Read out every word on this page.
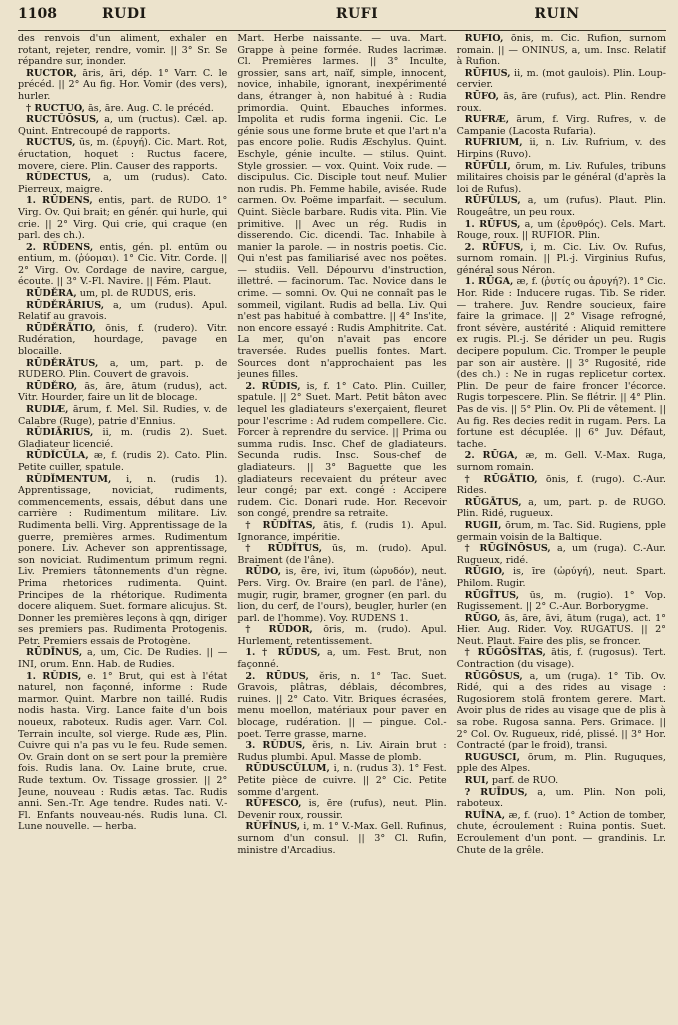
1108	RUDI	RUFI	RUIN

des renvois d'un aliment, exhaler en rotant, rejeter, rendre, vomir. || 3° Sr. Se répandre sur, inonder.

RUCTOR, āris, āri, dép. 1° Varr. C. le précéd. || 2° Au fig. Hor. Vomir (des vers), hurler.

† RUCTUO, ās, āre. Aug. C. le précéd.

RUCTŬŌSUS, a, um (ructus). Cæl. ap. Quint. Entrecoupé de rapports.

RUCTUS, ūs, m. (ἐρυγή). Cic. Mart. Rot, éructation, hoquet : Ructus facere, movere, ciere. Plin. Causer des rapports.

RŬDECTUS, a, um (rudus). Cato. Pierreux, maigre.

1. RŪDENS, entis, part. de RUDO. 1° Virg. Ov. Qui brait; en génér. qui hurle, qui crie. || 2° Virg. Qui crie, qui craque (en parl. des ch.).

2. RŬDENS, entis, gén. pl. entūm ou entium, m. (ῥύομαι). 1° Cic. Vitr. Corde. || 2° Virg. Ov. Cordage de navire, cargue, écoute. || 3° V.-Fl. Navire. || Fém. Plaut.

RŪDĔRA, um, pl. de RUDUS, eris.

RŪDĔRĀRIUS, a, um (rudus). Apul. Relatif au gravois.

RŪDĔRĀTIO, ōnis, f. (rudero). Vitr. Rudération, hourdage, pavage en blocaille.

RŪDĔRĀTUS, a, um, part. p. de RUDERO. Plin. Couvert de gravois.

RŪDĔRO, ās, āre, ātum (rudus), act. Vitr. Hourder, faire un lit de blocage.

RUDIÆ, ārum, f. Mel. Sil. Rudies, v. de Calabre (Ruge), patrie d'Ennius.

RŬDIĀRIUS, ii, m. (rudis 2). Suet. Gladiateur licencié.

RŪDĬCŬLA, æ, f. (rudis 2). Cato. Plin. Petite cuiller, spatule.

RŬDĬMENTUM, i, n. (rudis 1). Apprentissage, noviciat, rudiments, commencements, essais, début dans une carrière : Rudimentum militare. Liv. Rudimenta belli. Virg. Apprentissage de la guerre, premières armes. Rudimentum ponere. Liv. Achever son apprentissage, son noviciat. Rudimentum primum regni. Liv. Premiers tâtonnements d'un règne. Prima rhetorices rudimenta. Quint. Principes de la rhétorique. Rudimenta docere aliquem. Suet. formare alicujus. St. Donner les premières leçons à qqn, diriger ses premiers pas. Rudimenta Protogenis. Petr. Premiers essais de Protogène.

RŪDĪNUS, a, um, Cic. De Rudies. || — INI, orum. Enn. Hab. de Rudies.

1. RŬDIS, e. 1° Brut, qui est à l'état naturel, non façonné, informe : Rude marmor. Quint. Marbre non taillé. Rudis nodis hasta. Virg. Lance faite d'un bois noueux, raboteux. Rudis ager. Varr. Col. Terrain inculte, sol vierge. Rude æs, Plin. Cuivre qui n'a pas vu le feu. Rude semen. Ov. Grain dont on se sert pour la première fois. Rudis lana. Ov. Laine brute, crue. Rude textum. Ov. Tissage grossier. || 2° Jeune, nouveau : Rudis ætas. Tac. Rudis anni. Sen.-Tr. Age tendre. Rudes nati. V.-Fl. Enfants nouveau-nés. Rudis luna. Cl. Lune nouvelle. — herba.

Mart. Herbe naissante. — uva. Mart. Grappe à peine formée. Rudes lacrimæ. Cl. Premières larmes. || 3° Inculte, grossier, sans art, naïf, simple, innocent, novice, inhabile, ignorant, inexpérimenté dans, étranger à, non habitué à : Rudia primordia. Quint. Ebauches informes. Impolita et rudis forma ingenii. Cic. Le génie sous une forme brute et que l'art n'a pas encore polie. Rudis Æschylus. Quint. Eschyle, génie inculte. — stilus. Quint. Style grossier. — vox. Quint. Voix rude. — discipulus. Cic. Disciple tout neuf. Mulier non rudis. Ph. Femme habile, avisée. Rude carmen. Ov. Poëme imparfait. — seculum. Quint. Siècle barbare. Rudis vita. Plin. Vie primitive. || Avec un rég. Rudis in disserendo. Cic. dicendi. Tac. Inhabile à manier la parole. — in nostris poetis. Cic. Qui n'est pas familiarisé avec nos poëtes. — studiis. Vell. Dépourvu d'instruction, illettré. — facinorum. Tac. Novice dans le crime. — somni. Ov. Qui ne connaît pas le sommeil, vigilant. Rudis ad bella. Liv. Qui n'est pas habitué à combattre. || 4° Ins'ite, non encore essayé : Rudis Amphitrite. Cat. La mer, qu'on n'avait pas encore traversée. Rudes puellis fontes. Mart. Sources dont n'approchaient pas les jeunes filles.

2. RŬDIS, is, f. 1° Cato. Plin. Cuiller, spatule. || 2° Suet. Mart. Petit bâton avec lequel les gladiateurs s'exerçaient, fleuret pour l'escrime : Ad rudem compellere. Cic. Forcer à reprendre du service. || Prima ou summa rudis. Insc. Chef de gladiateurs. Secunda rudis. Insc. Sous-chef de gladiateurs. || 3° Baguette que les gladiateurs recevaient du préteur avec leur congé; par ext. congé : Accipere rudem. Cic. Donari rude. Hor. Recevoir son congé, prendre sa retraite.

† RŪDĬTAS, ātis, f. (rudis 1). Apul. Ignorance, impéritie.

† RŪDĬTUS, ūs, m. (rudo). Apul. Braiment (de l'âne).

RŪDO, is, ēre, ivi, ītum (ὠρυδόν), neut. Pers. Virg. Ov. Braire (en parl. de l'âne), mugir, rugir, bramer, grogner (en parl. du lion, du cerf, de l'ours), beugler, hurler (en parl. de l'homme). Voy. RUDENS 1.

† RŪDOR, ōris, m. (rudo). Apul. Hurlement, retentissement.

1. † RŪDUS, a, um. Fest. Brut, non façonné.

2. RŪDUS, ĕris, n. 1° Tac. Suet. Gravois, plâtras, déblais, décombres, ruines. || 2° Cato. Vitr. Briques écrasées, menu moellon, matériaux pour paver en blocage, rudération. || — pingue. Col.-poet. Terre grasse, marne.

3. RŬDUS, ĕris, n. Liv. Airain brut : Rudus plumbi. Apul. Masse de plomb.

RŪDUSCŬLUM, i, n. (rudus 3). 1° Fest. Petite pièce de cuivre. || 2° Cic. Petite somme d'argent.

RŬFESCO, is, ēre (rufus), neut. Plin. Devenir roux, roussir.

RŬFĪNUS, i, m. 1° V.-Max. Gell. Rufinus, surnom d'un consul. || 3° Cl. Rufin, ministre d'Arcadius.

RŪFIO, ōnis, m. Cic. Rufion, surnom romain. || — ONINUS, a, um. Insc. Relatif à Rufion.

RŪFIUS, ii, m. (mot gaulois). Plin. Loup-cervier.

RŪFO, ās, āre (rufus), act. Plin. Rendre roux.

RUFRÆ, ārum, f. Virg. Rufres, v. de Campanie (Lacosta Rufaria).

RUFRIUM, ii, n. Liv. Rufrium, v. des Hirpins (Ruvo).

RŪFŪLI, ōrum, m. Liv. Rufules, tribuns militaires choisis par le général (d'après la loi de Rufus).

RŪFŬLUS, a, um (rufus). Plaut. Plin. Rougeâtre, un peu roux.

1. RŪFUS, a, um (ἐρυθρός). Cels. Mart. Rouge, roux. || RUFIOR. Plin.

2. RŪFUS, i, m. Cic. Liv. Ov. Rufus, surnom romain. || Pl.-j. Virginius Rufus, général sous Néron.

1. RŪGA, æ, f. (ῥυτίς ou ἀρυγή?). 1° Cic. Hor. Ride : Inducere rugas. Tib. Se rider. — trahere. Juv. Rendre soucieux, faire faire la grimace. || 2° Visage refrogné, front sévère, austérité : Aliquid remittere ex rugis. Pl.-j. Se dérider un peu. Rugis decipere populum. Cic. Tromper le peuple par son air austère. || 3° Rugosité, ride (des ch.) : Ne in rugas replicetur cortex. Plin. De peur de faire froncer l'écorce. Rugis torpescere. Plin. Se flétrir. || 4° Plin. Pas de vis. || 5° Plin. Ov. Pli de vêtement. || Au fig. Res decies redit in rugam. Pers. La fortune est décuplée. || 6° Juv. Défaut, tache.

2. RŪGA, æ, m. Gell. V.-Max. Ruga, surnom romain.

† RŪGĀTIO, ōnis, f. (rugo). C.-Aur. Rides.

RŪGĀTUS, a, um, part. p. de RUGO. Plin. Ridé, rugueux.

RUGII, ōrum, m. Tac. Sid. Rugiens, pple germain voisin de la Baltique.

† RŪGĬNŌSUS, a, um (ruga). C.-Aur. Rugueux, ridé.

RŪGIO, is, īre (ὠρύγή), neut. Spart. Philom. Rugir.

RŪGĪTUS, ūs, m. (rugio). 1° Vop. Rugissement. || 2° C.-Aur. Borborygme.

RŪGO, ās, āre, āvi, ātum (ruga), act. 1° Hier. Aug. Rider. Voy. RUGATUS. || 2° Neut. Plaut. Faire des plis, se froncer.

† RŪGŌSĬTAS, ātis, f. (rugosus). Tert. Contraction (du visage).

RŪGŌSUS, a, um (ruga). 1° Tib. Ov. Ridé, qui a des rides au visage : Rugosiorem stolā frontem gerere. Mart. Avoir plus de rides au visage que de plis à sa robe. Rugosa sanna. Pers. Grimace. || 2° Col. Ov. Rugueux, ridé, plissé. || 3° Hor. Contracté (par le froid), transi.

RUGUSCI, ōrum, m. Plin. Ruguques, pple des Alpes.

RUI, parf. de RUO.

? RUĪDUS, a, um. Plin. Non poli, raboteux.

RUĪNA, æ, f. (ruo). 1° Action de tomber, chute, écroulement : Ruina pontis. Suet. Ecroulement d'un pont. — grandinis. Lr. Chute de la grêle.
